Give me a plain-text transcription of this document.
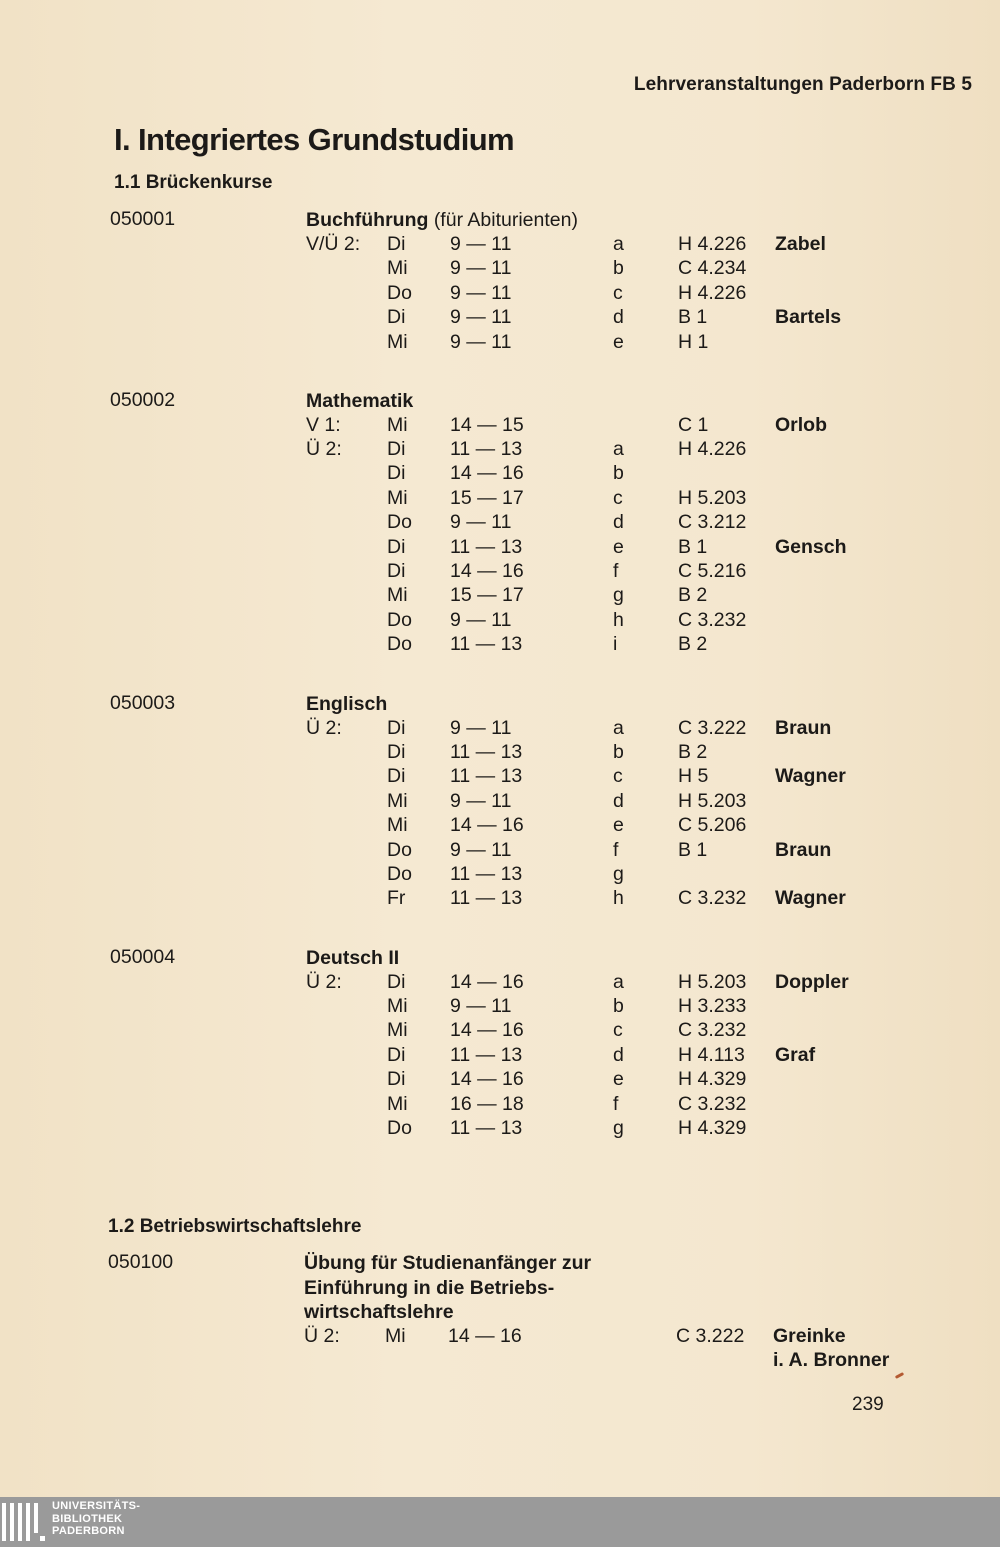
Lehrveranstaltungen Paderborn FB 5
I. Integriertes Grundstudium
1.1 Brückenkurse
050001	Buchführung (für Abiturienten)
V/Ü 2: Di 9 — 11	a	H 4.226 Zabel
Mi 9 — 11	b	C 4.234
Do 9 — 11	c	H 4.226
Di 9 — 11	d	B 1	Bartels
Mi 9 — 11	e	H 1
050002	Mathematik
V 1: Mi 14 — 15	C 1	Orlob
Ü 2: Di 11 — 13	a	H 4.226
Di 14 — 16	b
Mi 15 — 17	c	H 5.203
Do 9 — 11	d	C 3.212
Di 11 — 13	e	B 1	Gensch
Di 14 — 16	f	C 5.216
Mi 15 — 17	g	B 2
Do 9 — 11	h	C 3.232
Do 11 — 13	i	B 2
050003	Englisch
Ü 2: Di 9 — 11	a	C 3.222 Braun
Di 11 — 13	b	B 2
Di 11 — 13	c	H 5	Wagner
Mi 9 — 11	d	H 5.203
Mi 14 — 16	e	C 5.206
Do 9 — 11	f	B 1	Braun
Do 11 — 13	g
Fr 11 — 13	h	C 3.232 Wagner
050004	Deutsch II
Ü 2: Di 14 — 16	a	H 5.203 Doppler
Mi 9 — 11	b	H 3.233
Mi 14 — 16	c	C 3.232
Di 11 — 13	d	H 4.113 Graf
Di 14 — 16	e	H 4.329
Mi 16 — 18	f	C 3.232
Do 11 — 13	g	H 4.329
1.2 Betriebswirtschaftslehre
050100	Übung für Studienanfänger zur
Einführung in die Betriebs-
wirtschaftslehre
Ü 2: Mi 14 — 16	C 3.222 Greinke
i. A. Bronner
239
UNIVERSITÄTS-
BIBLIOTHEK
PADERBORN
